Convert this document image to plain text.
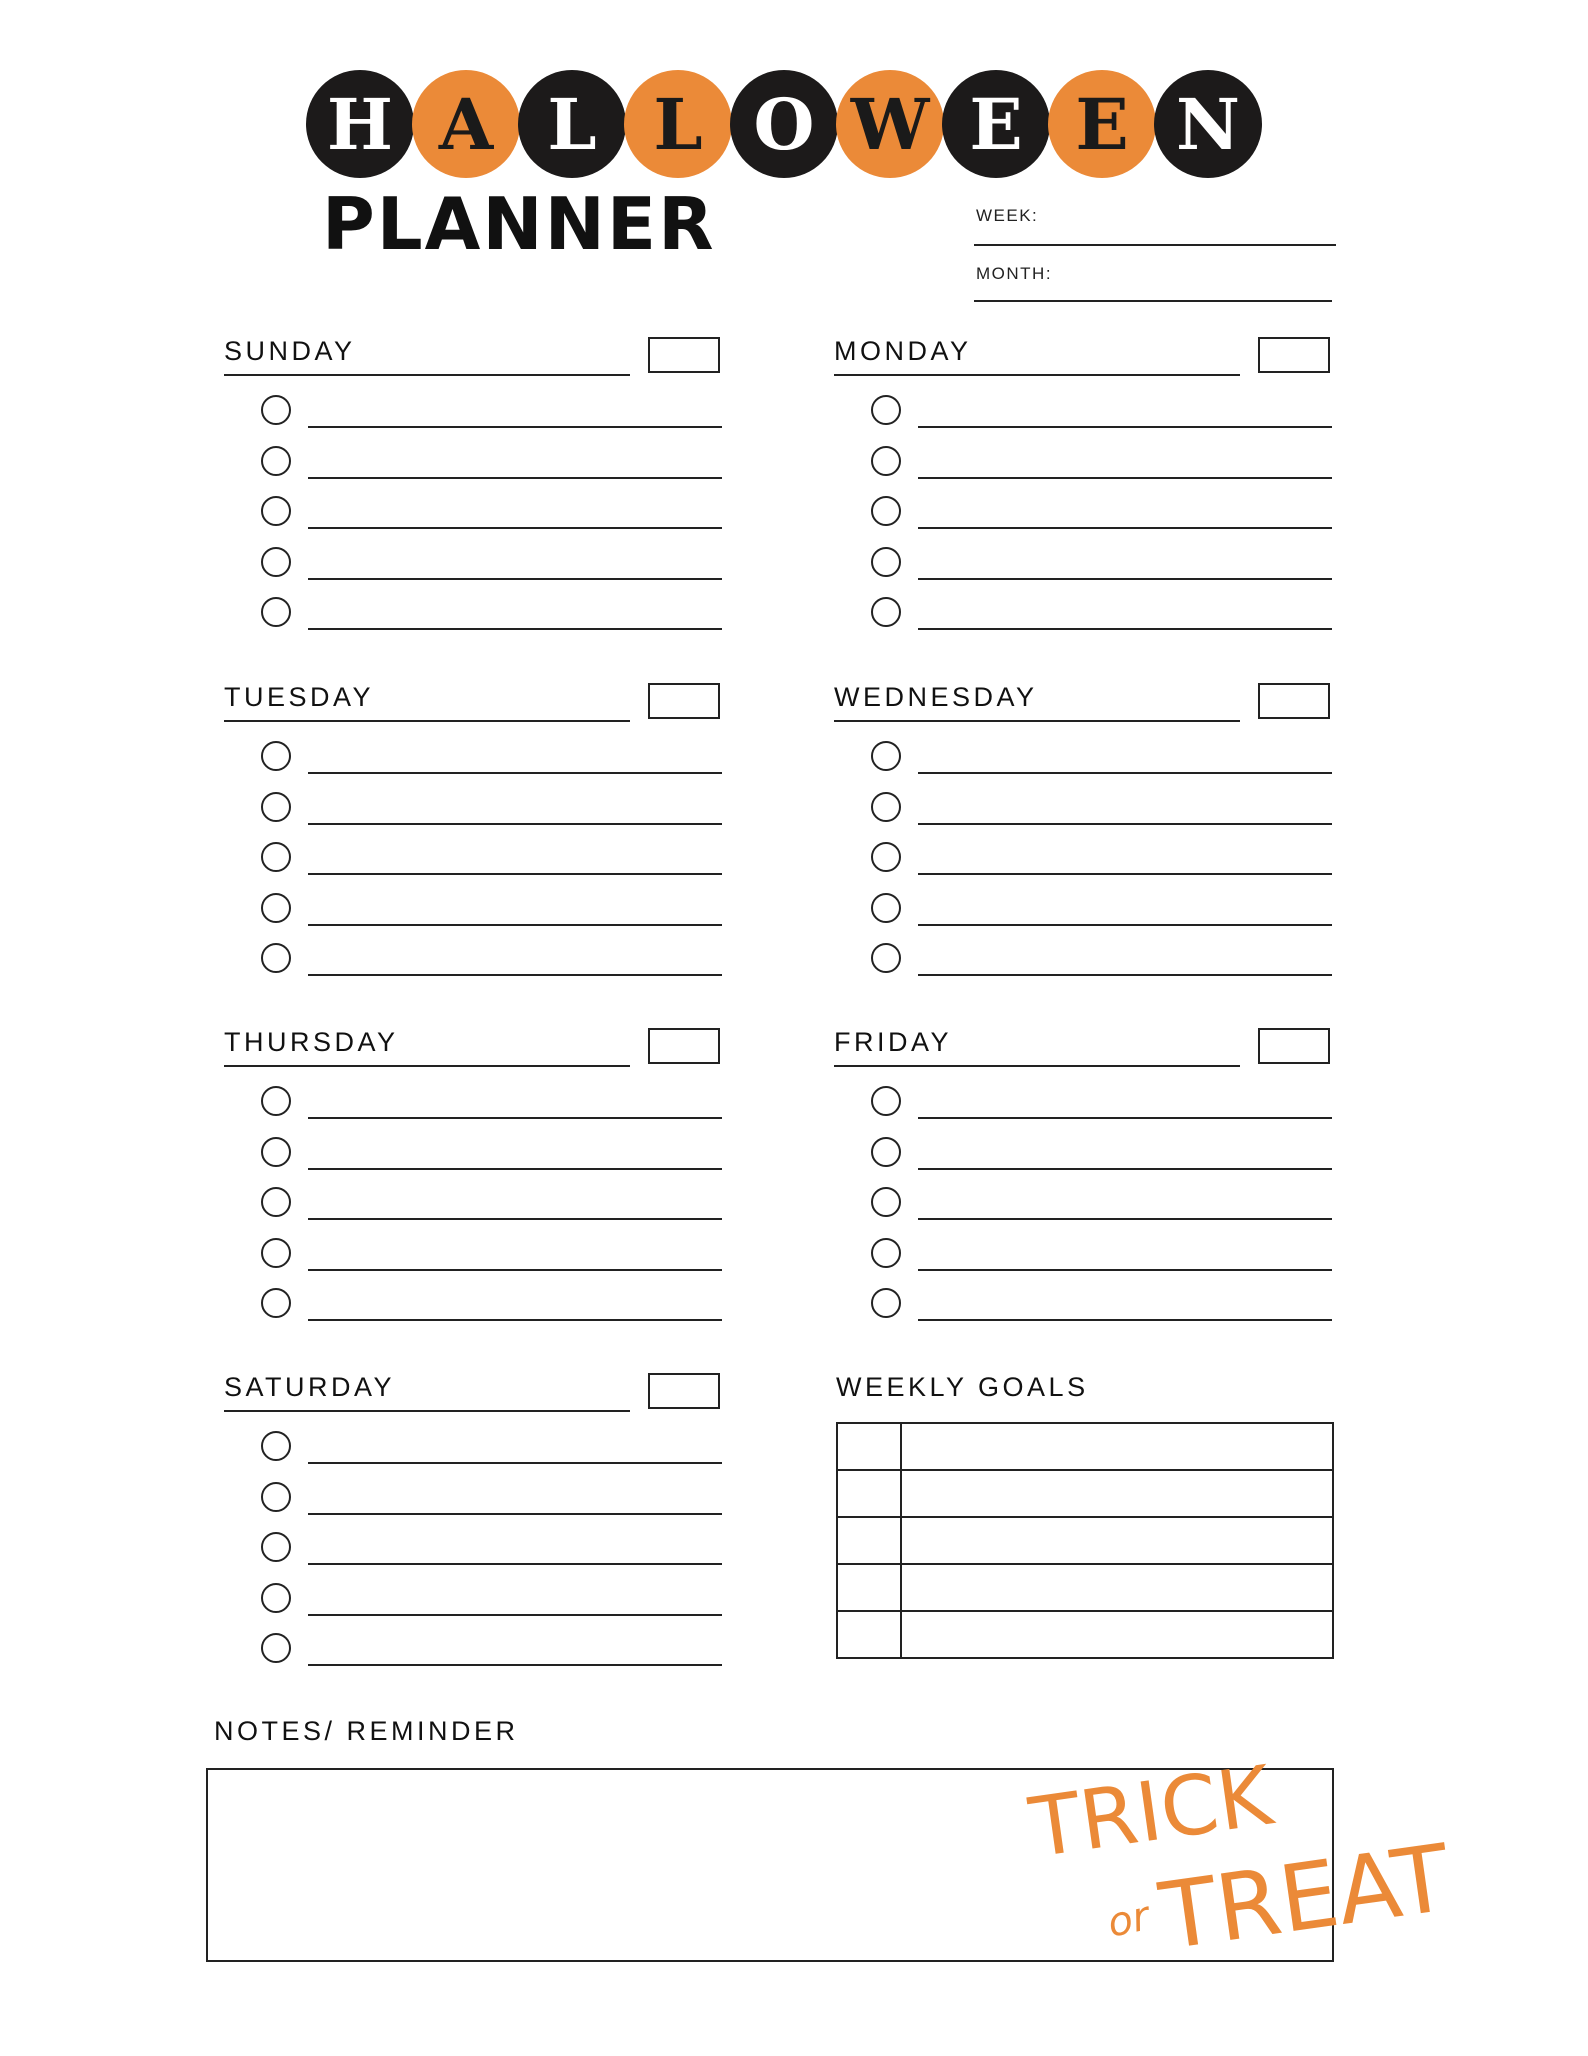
H A L L O W E E N
PLANNER	WEEK:
MONTH:
SUNDAY	MONDAY
TUESDAY	WEDNESDAY
THURSDAY	FRIDAY
SATURDAY	WEEKLY GOALS

NOTES/ REMINDER
TRICK
or TREAT
